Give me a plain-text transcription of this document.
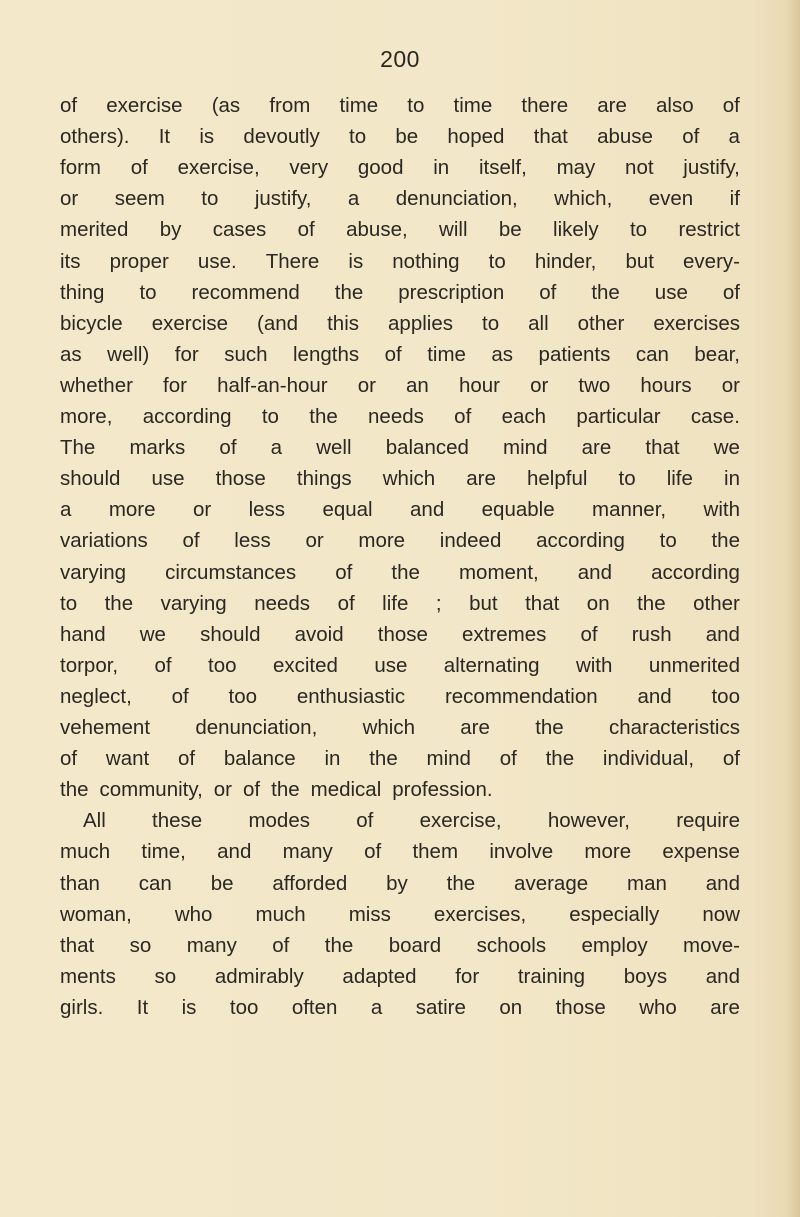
200
of exercise (as from time to time there are also of
others). It is devoutly to be hoped that abuse of a
form of exercise, very good in itself, may not justify,
or seem to justify, a denunciation, which, even if
merited by cases of abuse, will be likely to restrict
its proper use. There is nothing to hinder, but every-
thing to recommend the prescription of the use of
bicycle exercise (and this applies to all other exercises
as well) for such lengths of time as patients can bear,
whether for half-an-hour or an hour or two hours or
more, according to the needs of each particular case.
The marks of a well balanced mind are that we
should use those things which are helpful to life in
a more or less equal and equable manner, with
variations of less or more indeed according to the
varying circumstances of the moment, and according
to the varying needs of life ; but that on the other
hand we should avoid those extremes of rush and
torpor, of too excited use alternating with unmerited
neglect, of too enthusiastic recommendation and too
vehement denunciation, which are the characteristics
of want of balance in the mind of the individual, of
the community, or of the medical profession.
All these modes of exercise, however, require
much time, and many of them involve more expense
than can be afforded by the average man and
woman, who much miss exercises, especially now
that so many of the board schools employ move-
ments so admirably adapted for training boys and
girls. It is too often a satire on those who are
